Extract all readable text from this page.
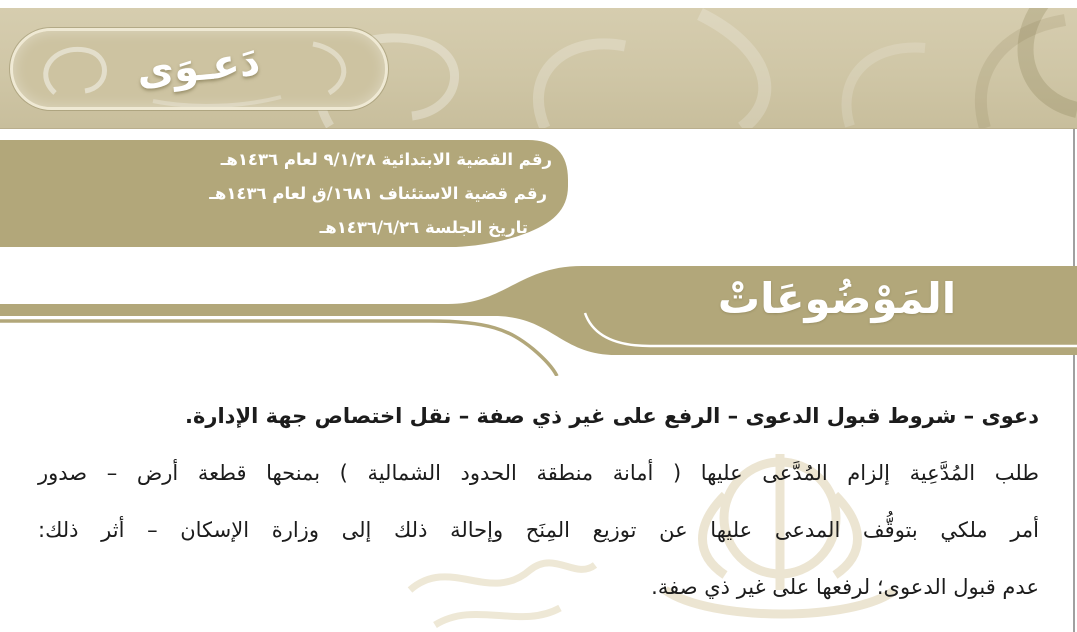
دَعـوَى
رقم القضية الابتدائية ٩/١/٢٨ لعام ١٤٣٦هـ
رقم قضية الاستئناف ١٦٨١/ق لعام ١٤٣٦هـ
تاريخ الجلسة ١٤٣٦/٦/٢٦هـ
المَوْضُوعَاتْ
دعوى – شروط قبول الدعوى – الرفع على غير ذي صفة – نقل اختصاص جهة الإدارة.
طلب المُدَّعِية إلزام المُدَّعى عليها ( أمانة منطقة الحدود الشمالية ) بمنحها قطعة أرض – صدور
أمر ملكي بتوقُّف المدعى عليها عن توزيع المِنَح وإحالة ذلك إلى وزارة الإسكان – أثر ذلك:
عدم قبول الدعوى؛ لرفعها على غير ذي صفة.
